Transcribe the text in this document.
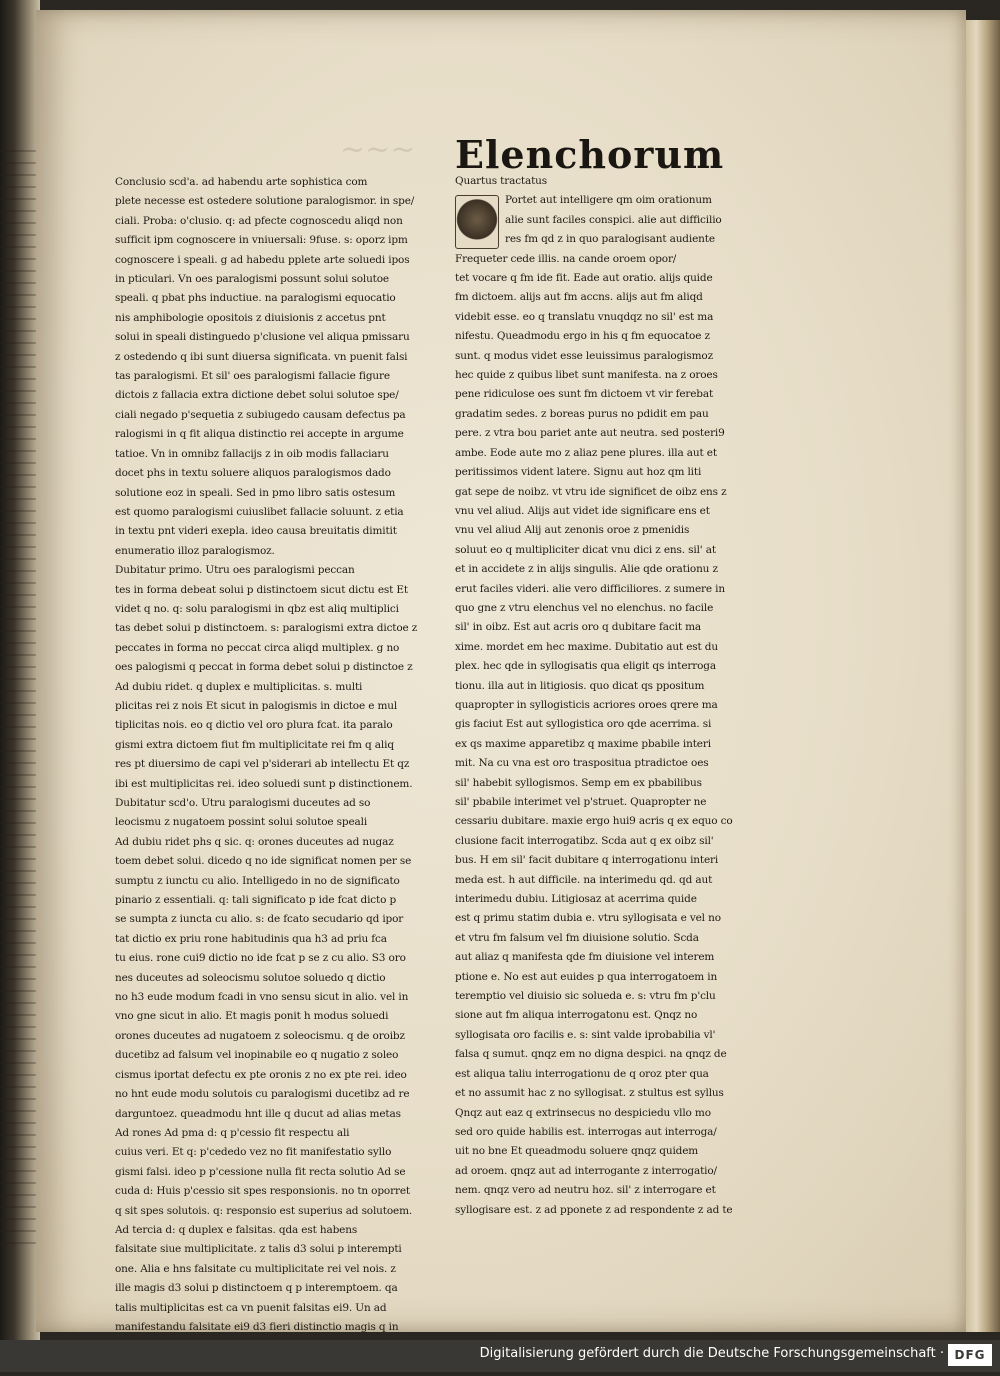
~~~	Elenchorum
Conclusio scd'a. ad habendu arte sophistica com
plete necesse est ostedere solutione paralogismor. in spe/
ciali. Proba: o'clusio. q: ad pfecte cognoscedu aliqd non
sufficit ipm cognoscere in vniuersali: 9fuse. s: oporz ipm
cognoscere i speali. g ad habedu pplete arte soluedi ipos
in pticulari. Vn oes paralogismi possunt solui solutoe
speali. q pbat phs inductiue. na paralogismi equocatio
nis amphibologie opositois z diuisionis z accetus pnt
solui in speali distinguedo p'clusione vel aliqua pmissaru
z ostedendo q ibi sunt diuersa significata. vn puenit falsi
tas paralogismi. Et sil' oes paralogismi fallacie figure
dictois z fallacia extra dictione debet solui solutoe spe/
ciali negado p'sequetia z subiugedo causam defectus pa
ralogismi in q fit aliqua distinctio rei accepte in argume
tatioe. Vn in omnibz fallacijs z in oib modis fallaciaru
docet phs in textu soluere aliquos paralogismos dado
solutione eoz in speali. Sed in pmo libro satis ostesum
est quomo paralogismi cuiuslibet fallacie soluunt. z etia
in textu pnt videri exepla. ideo causa breuitatis dimitit
enumeratio illoz paralogismoz.
Dubitatur primo. Utru oes paralogismi peccan
tes in forma debeat solui p distinctoem sicut dictu est Et
videt q no. q: solu paralogismi in qbz est aliq multiplici
tas debet solui p distinctoem. s: paralogismi extra dictoe z
peccates in forma no peccat circa aliqd multiplex. g no
oes palogismi q peccat in forma debet solui p distinctoe z
Ad dubiu ridet. q duplex e multiplicitas. s. multi
plicitas rei z nois Et sicut in palogismis in dictoe e mul
tiplicitas nois. eo q dictio vel oro plura fcat. ita paralo
gismi extra dictoem fiut fm multiplicitate rei fm q aliq
res pt diuersimo de capi vel p'siderari ab intellectu Et qz
ibi est multiplicitas rei. ideo soluedi sunt p distinctionem.
Dubitatur scd'o. Utru paralogismi duceutes ad so
leocismu z nugatoem possint solui solutoe speali
Ad dubiu ridet phs q sic. q: orones duceutes ad nugaz
toem debet solui. dicedo q no ide significat nomen per se
sumptu z iunctu cu alio. Intelligedo in no de significato
pinario z essentiali. q: tali significato p ide fcat dicto p
se sumpta z iuncta cu alio. s: de fcato secudario qd ipor
tat dictio ex priu rone habitudinis qua h3 ad priu fca
tu eius. rone cui9 dictio no ide fcat p se z cu alio. S3 oro
nes duceutes ad soleocismu solutoe soluedo q dictio
no h3 eude modum fcadi in vno sensu sicut in alio. vel in
vno gne sicut in alio. Et magis ponit h modus soluedi
orones duceutes ad nugatoem z soleocismu. q de oroibz
ducetibz ad falsum vel inopinabile eo q nugatio z soleo
cismus iportat defectu ex pte oronis z no ex pte rei. ideo
no hnt eude modu solutois cu paralogismi ducetibz ad re
darguntoez. queadmodu hnt ille q ducut ad alias metas
Ad rones Ad pma d: q p'cessio fit respectu ali
cuius veri. Et q: p'cededo vez no fit manifestatio syllo
gismi falsi. ideo p p'cessione nulla fit recta solutio Ad se
cuda d: Huis p'cessio sit spes responsionis. no tn oporret
q sit spes solutois. q: responsio est superius ad solutoem.
Ad tercia d: q duplex e falsitas. qda est habens
falsitate siue multiplicitate. z talis d3 solui p interempti
one. Alia e hns falsitate cu multiplicitate rei vel nois. z
ille magis d3 solui p distinctoem q p interemptoem. qa
talis multiplicitas est ca vn puenit falsitas ei9. Un ad
manifestandu falsitate ei9 d3 fieri distinctio magis q in
Quartus tractatus
Portet aut intelligere qm oim orationum
alie sunt faciles conspici. alie aut difficilio
res fm qd z in quo paralogisant audiente
Frequeter cede illis. na cande oroem opor/
tet vocare q fm ide fit. Eade aut oratio. alijs quide
fm dictoem. alijs aut fm accns. alijs aut fm aliqd
videbit esse. eo q translatu vnuqdqz no sil' est ma
nifestu. Queadmodu ergo in his q fm equocatoe z
sunt. q modus videt esse leuissimus paralogismoz
hec quide z quibus libet sunt manifesta. na z oroes
pene ridiculose oes sunt fm dictoem vt vir ferebat
gradatim sedes. z boreas purus no pdidit em pau
pere. z vtra bou pariet ante aut neutra. sed posteri9
ambe. Eode aute mo z aliaz pene plures. illa aut et
peritissimos vident latere. Signu aut hoz qm liti
gat sepe de noibz. vt vtru ide significet de oibz ens z
vnu vel aliud. Alijs aut videt ide significare ens et
vnu vel aliud Alij aut zenonis oroe z pmenidis
soluut eo q multipliciter dicat vnu dici z ens. sil' at
et in accidete z in alijs singulis. Alie qde orationu z
erut faciles videri. alie vero difficiliores. z sumere in
quo gne z vtru elenchus vel no elenchus. no facile
sil' in oibz. Est aut acris oro q dubitare facit ma
xime. mordet em hec maxime. Dubitatio aut est du
plex. hec qde in syllogisatis qua eligit qs interroga
tionu. illa aut in litigiosis. quo dicat qs ppositum
quapropter in syllogisticis acriores oroes qrere ma
gis faciut Est aut syllogistica oro qde acerrima. si
ex qs maxime apparetibz q maxime pbabile interi
mit. Na cu vna est oro traspositua ptradictoe oes
sil' habebit syllogismos. Semp em ex pbabilibus
sil' pbabile interimet vel p'struet. Quapropter ne
cessariu dubitare. maxie ergo hui9 acris q ex equo co
clusione facit interrogatibz. Scda aut q ex oibz sil'
bus. H em sil' facit dubitare q interrogationu interi
meda est. h aut difficile. na interimedu qd. qd aut
interimedu dubiu. Litigiosaz at acerrima quide
est q primu statim dubia e. vtru syllogisata e vel no
et vtru fm falsum vel fm diuisione solutio. Scda
aut aliaz q manifesta qde fm diuisione vel interem
ptione e. No est aut euides p qua interrogatoem in
teremptio vel diuisio sic solueda e. s: vtru fm p'clu
sione aut fm aliqua interrogatonu est. Qnqz no
syllogisata oro facilis e. s: sint valde iprobabilia vl'
falsa q sumut. qnqz em no digna despici. na qnqz de
est aliqua taliu interrogationu de q oroz pter qua
et no assumit hac z no syllogisat. z stultus est syllus
Qnqz aut eaz q extrinsecus no despiciedu vllo mo
sed oro quide habilis est. interrogas aut interroga/
uit no bne Et queadmodu soluere qnqz quidem
ad oroem. qnqz aut ad interrogante z interrogatio/
nem. qnqz vero ad neutru hoz. sil' z interrogare et
syllogisare est. z ad pponete z ad respondente z ad te
Digitalisierung gefördert durch die Deutsche Forschungsgemeinschaft · DFG
